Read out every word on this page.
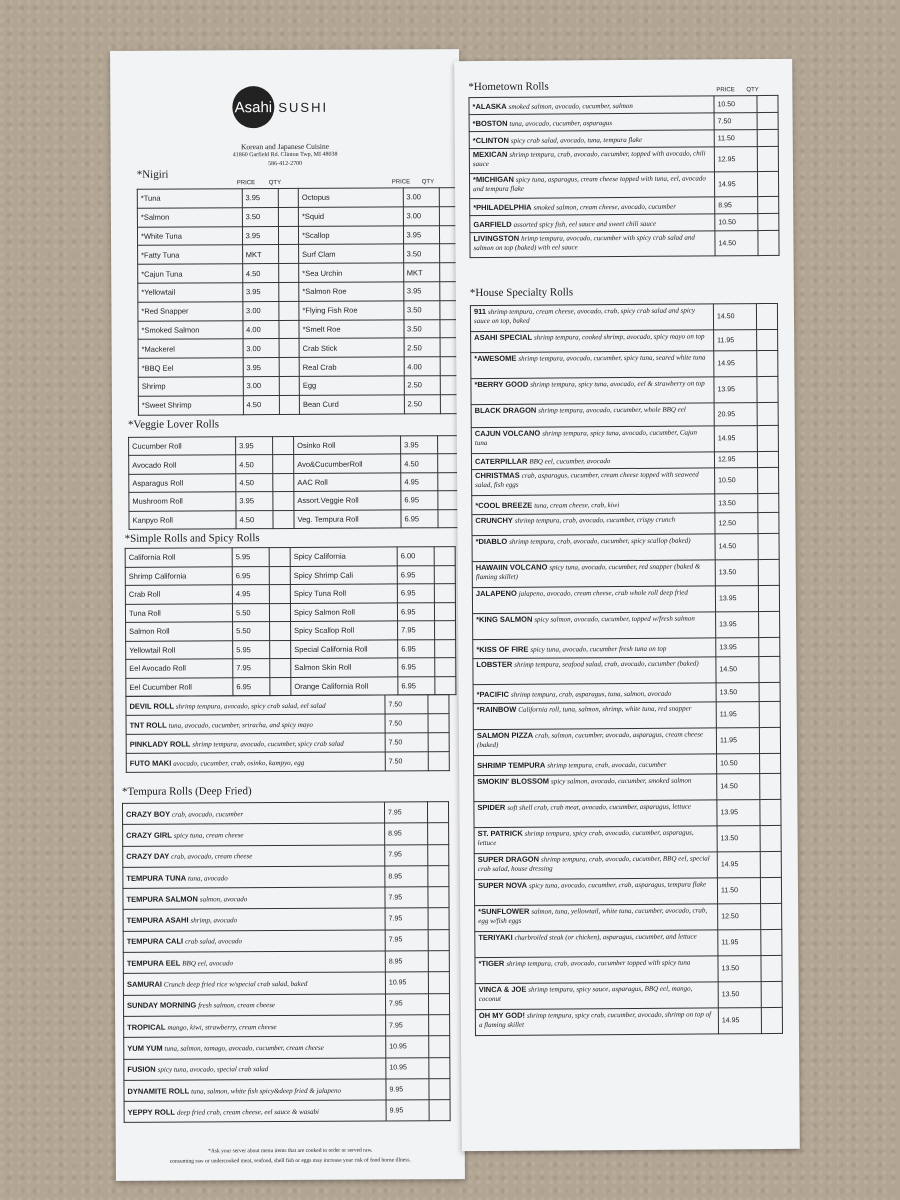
Asahi SUSHI
Korean and Japanese Cuisine
41860 Garfield Rd. Clinton Twp, MI 48038
586-412-2700
*Nigiri
PRICE QTY	PRICE QTY
*Tuna	3.95		Octopus	3.00	
*Salmon	3.50		*Squid	3.00	
*White Tuna	3.95		*Scallop	3.95	
*Fatty Tuna	MKT		Surf Clam	3.50	
*Cajun Tuna	4.50		*Sea Urchin	MKT	
*Yellowtail	3.95		*Salmon Roe	3.95	
*Red Snapper	3.00		*Flying Fish Roe	3.50	
*Smoked Salmon	4.00		*Smelt Roe	3.50	
*Mackerel	3.00		Crab Stick	2.50	
*BBQ Eel	3.95		Real Crab	4.00	
Shrimp	3.00		Egg	2.50	
*Sweet Shrimp	4.50		Bean Curd	2.50	
*Veggie Lover Rolls
Cucumber Roll	3.95		Osinko Roll	3.95	
Avocado Roll	4.50		Avo&CucumberRoll	4.50	
Asparagus Roll	4.50		AAC Roll	4.95	
Mushroom Roll	3.95		Assort.Veggie Roll	6.95	
Kanpyo Roll	4.50		Veg. Tempura Roll	6.95	
*Simple Rolls and Spicy Rolls
California Roll	5.95		Spicy California	6.00	
Shrimp California	6.95		Spicy Shrimp Cali	6.95	
Crab Roll	4.95		Spicy Tuna Roll	6.95	
Tuna Roll	5.50		Spicy Salmon Roll	6.95	
Salmon Roll	5.50		Spicy Scallop Roll	7.95	
Yellowtail Roll	5.95		Special California Roll	6.95	
Eel Avocado Roll	7.95		Salmon Skin Roll	6.95	
Eel Cucumber Roll	6.95		Orange California Roll	6.95	
DEVIL ROLL shrimp tempura, avocado, spicy crab salad, eel salad	7.50	
TNT ROLL tuna, avocado, cucumber, sriracha, and spicy mayo	7.50	
PINKLADY ROLL shrimp tempura, avocado, cucumber, spicy crab salad	7.50	
FUTO MAKI avocado, cucumber, crab, osinko, kampyo, egg	7.50	
*Tempura Rolls (Deep Fried)
CRAZY BOY crab, avocado, cucumber	7.95	
CRAZY GIRL spicy tuna, cream cheese	8.95	
CRAZY DAY crab, avocado, cream cheese	7.95	
TEMPURA TUNA tuna, avocado	8.95	
TEMPURA SALMON salmon, avocado	7.95	
TEMPURA ASAHI shrimp, avocado	7.95	
TEMPURA CALI crab salad, avocado	7.95	
TEMPURA EEL BBQ eel, avocado	8.95	
SAMURAI Crunch deep fried rice w/special crab salad, baked	10.95	
SUNDAY MORNING fresh salmon, cream cheese	7.95	
TROPICAL mango, kiwi, strawberry, cream cheese	7.95	
YUM YUM tuna, salmon, tamago, avocado, cucumber, cream cheese	10.95	
FUSION spicy tuna, avocado, special crab salad	10.95	
DYNAMITE ROLL tuna, salmon, white fish spicy&deep fried & jalapeno	9.95	
YEPPY ROLL deep fried crab, cream cheese, eel sauce & wasabi	9.95	
*Ask your server about menu items that are cooked to order or served raw.
consuming raw or undercooked meat, seafood, shell fish or eggs may increase your risk of food borne illness.
*Hometown Rolls	PRICE QTY
*ALASKA smoked salmon, avocado, cucumber, salmon	10.50	
*BOSTON tuna, avocado, cucumber, asparagus	7.50	
*CLINTON spicy crab salad, avocado, tuna, tempura flake	11.50	
MEXICAN shrimp tempura, crab, avocado, cucumber, topped with avocado, chili sauce	12.95	
*MICHIGAN spicy tuna, asparagus, cream cheese topped with tuna, eel, avocado and tempura flake	14.95	
*PHILADELPHIA smoked salmon, cream cheese, avocado, cucumber	8.95	
GARFIELD assorted spicy fish, eel sauce and sweet chili sauce	10.50	
LIVINGSTON hrimp tempura, avocado, cucumber with spicy crab salad and salmon on top (baked) with eel sauce	14.50	
*House Specialty Rolls
911 shrimp tempura, cream cheese, avocado, crab, spicy crab salad and spicy sauce on top, baked	14.50	
ASAHI SPECIAL shrimp tempura, cooked shrimp, avocado, spicy mayo on top	11.95	
*AWESOME shrimp tempura, avocado, cucumber, spicy tuna, seared white tuna	14.95	
*BERRY GOOD shrimp tempura, spicy tuna, avocado, eel & strawberry on top	13.95	
BLACK DRAGON shrimp tempura, avocado, cucumber, whole BBQ eel	20.95	
CAJUN VOLCANO shrimp tempura, spicy tuna, avocado, cucumber, Cajun tuna	14.95	
CATERPILLAR BBQ eel, cucumber, avocado	12.95	
CHRISTMAS crab, asparagus, cucumber, cream cheese topped with seaweed salad, fish eggs	10.50	
*COOL BREEZE tuna, cream cheese, crab, kiwi	13.50	
CRUNCHY shrimp tempura, crab, avocado, cucumber, crispy crunch	12.50	
*DIABLO shrimp tempura, crab, avocado, cucumber, spicy scallop (baked)	14.50	
HAWAIIN VOLCANO spicy tuna, avocado, cucumber, red snapper (baked & flaming skillet)	13.50	
JALAPENO jalapeno, avocado, cream cheese, crab whole roll deep fried	13.95	
*KING SALMON spicy salmon, avocado, cucumber, topped w/fresh salmon	13.95	
*KISS OF FIRE spicy tuna, avocado, cucumber fresh tuna on top	13.95	
LOBSTER shrimp tempura, seafood salad, crab, avocado, cucumber (baked)	14.50	
*PACIFIC shrimp tempura, crab, asparagus, tuna, salmon, avocado	13.50	
*RAINBOW California roll, tuna, salmon, shrimp, white tuna, red snapper	11.95	
SALMON PIZZA crab, salmon, cucumber, avocado, asparagus, cream cheese (baked)	11.95	
SHRIMP TEMPURA shrimp tempura, crab, avocado, cucumber	10.50	
SMOKIN' BLOSSOM spicy salmon, avocado, cucumber, smoked salmon	14.50	
SPIDER soft shell crab, crab meat, avocado, cucumber, asparagus, lettuce	13.95	
ST. PATRICK shrimp tempura, spicy crab, avocado, cucumber, asparagus, lettuce	13.50	
SUPER DRAGON shrimp tempura, crab, avocado, cucumber, BBQ eel, special crab salad, house dressing	14.95	
SUPER NOVA spicy tuna, avocado, cucumber, crab, asparagus, tempura flake	11.50	
*SUNFLOWER salmon, tuna, yellowtail, white tuna, cucumber, avocado, crab, egg w/fish eggs	12.50	
TERIYAKI charbroiled steak (or chicken), asparagus, cucumber, and lettuce	11.95	
*TIGER shrimp tempura, crab, avocado, cucumber topped with spicy tuna	13.50	
VINCA & JOE shrimp tempura, spicy sauce, asparagus, BBQ eel, mango, coconut	13.50	
OH MY GOD! shrimp tempura, spicy crab, cucumber, avocado, shrimp on top of a flaming skillet	14.95	
